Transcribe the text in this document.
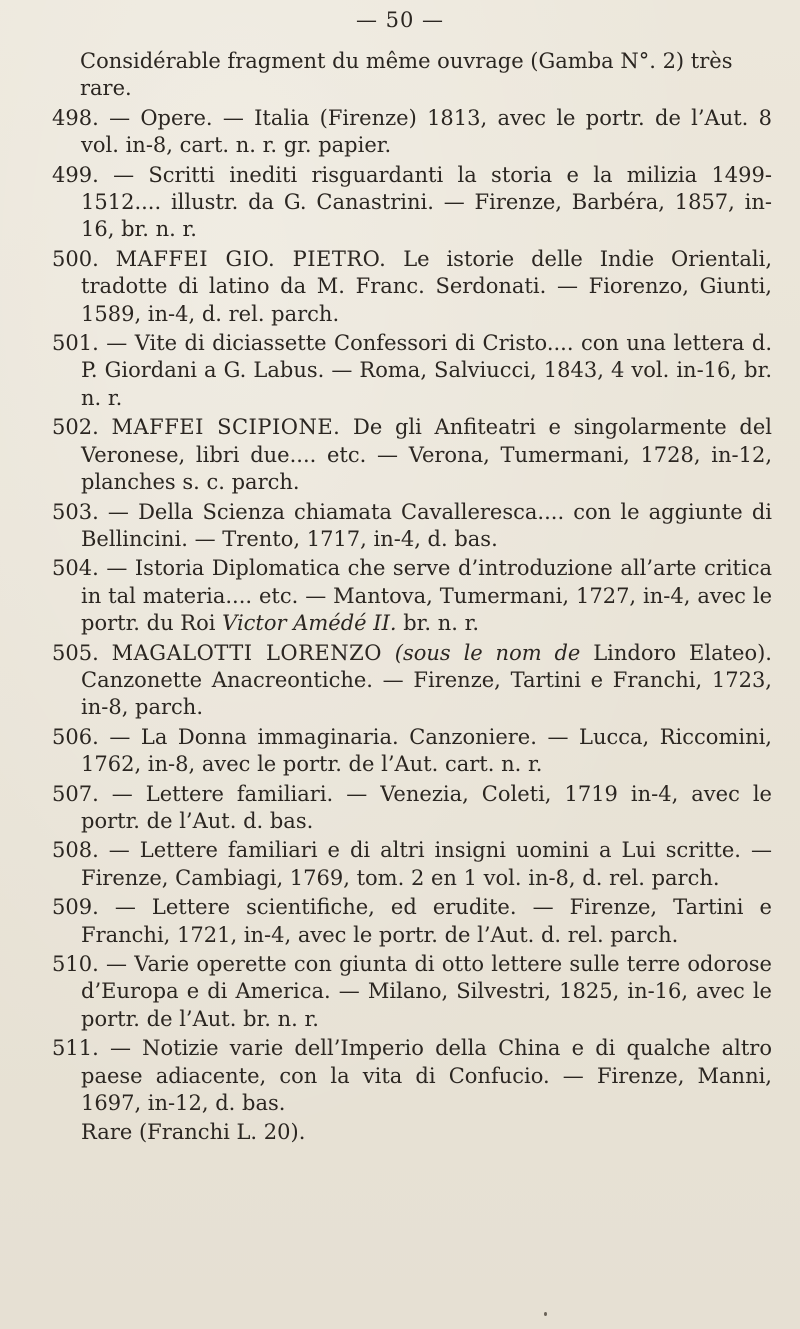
— 50 —

Considérable fragment du même ouvrage (Gamba N°. 2) très
rare.

498. — Opere. — Italia (Firenze) 1813, avec le portr. de l’Aut. 8 vol. in-8, cart. n. r. gr. papier.

499. — Scritti inediti risguardanti la storia e la milizia 1499-1512.... illustr. da G. Canastrini. — Firenze, Barbéra, 1857, in-16, br. n. r.

500. MAFFEI GIO. PIETRO. Le istorie delle Indie Orientali, tradotte di latino da M. Franc. Serdonati. — Fiorenzo, Giunti, 1589, in-4, d. rel. parch.

501. — Vite di diciassette Confessori di Cristo.... con una lettera d. P. Giordani a G. Labus. — Roma, Salviucci, 1843, 4 vol. in-16, br. n. r.

502. MAFFEI SCIPIONE. De gli Anfiteatri e singolarmente del Veronese, libri due.... etc. — Verona, Tumermani, 1728, in-12, planches s. c. parch.

503. — Della Scienza chiamata Cavalleresca.... con le aggiunte di Bellincini. — Trento, 1717, in-4, d. bas.

504. — Istoria Diplomatica che serve d’introduzione all’arte critica in tal materia.... etc. — Mantova, Tumermani, 1727, in-4, avec le portr. du Roi Victor Amédé II. br. n. r.

505. MAGALOTTI LORENZO (sous le nom de Lindoro Elateo). Canzonette Anacreontiche. — Firenze, Tartini e Franchi, 1723, in-8, parch.

506. — La Donna immaginaria. Canzoniere. — Lucca, Riccomini, 1762, in-8, avec le portr. de l’Aut. cart. n. r.

507. — Lettere familiari. — Venezia, Coleti, 1719 in-4, avec le portr. de l’Aut. d. bas.

508. — Lettere familiari e di altri insigni uomini a Lui scritte. — Firenze, Cambiagi, 1769, tom. 2 en 1 vol. in-8, d. rel. parch.

509. — Lettere scientifiche, ed erudite. — Firenze, Tartini e Franchi, 1721, in-4, avec le portr. de l’Aut. d. rel. parch.

510. — Varie operette con giunta di otto lettere sulle terre odorose d’Europa e di America. — Milano, Silvestri, 1825, in-16, avec le portr. de l’Aut. br. n. r.

511. — Notizie varie dell’Imperio della China e di qualche altro paese adiacente, con la vita di Confucio. — Firenze, Manni, 1697, in-12, d. bas.

Rare (Franchi L. 20).
